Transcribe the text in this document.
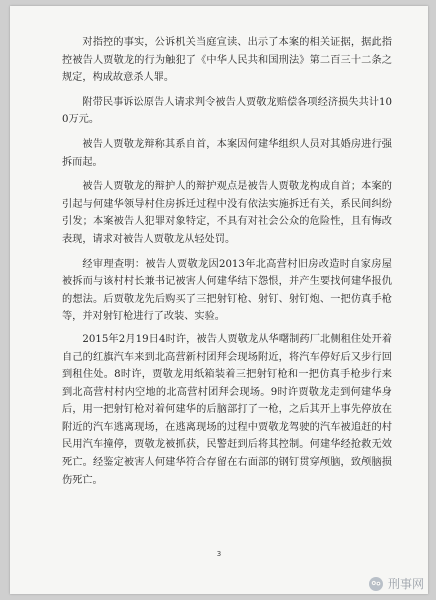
对指控的事实，公诉机关当庭宣读、出示了本案的相关证据，据此指控被告人贾敬龙的行为触犯了《中华人民共和国刑法》第二百三十二条之规定，构成故意杀人罪。

附带民事诉讼原告人请求判令被告人贾敬龙赔偿各项经济损失共计100万元。

被告人贾敬龙辩称其系自首，本案因何建华组织人员对其婚房进行强拆而起。

被告人贾敬龙的辩护人的辩护观点是被告人贾敬龙构成自首；本案的引起与何建华领导村住房拆迁过程中没有依法实施拆迁有关，系民间纠纷引发；本案被告人犯罪对象特定，不具有对社会公众的危险性，且有悔改表现，请求对被告人贾敬龙从轻处罚。

经审理查明：被告人贾敬龙因2013年北高营村旧房改造时自家房屋被拆而与该村村长兼书记被害人何建华结下怨恨，并产生要找何建华报仇的想法。后贾敬龙先后购买了三把射钉枪、射钉、射钉炮、一把仿真手枪等，并对射钉枪进行了改装、实验。

2015年2月19日4时许，被告人贾敬龙从华曙制药厂北侧租住处开着自己的红旗汽车来到北高营新村团拜会现场附近，将汽车停好后又步行回到租住处。8时许，贾敬龙用纸箱装着三把射钉枪和一把仿真手枪步行来到北高营村村内空地的北高营村团拜会现场。9时许贾敬龙走到何建华身后，用一把射钉枪对着何建华的后脑部打了一枪，之后其开上事先停放在附近的汽车逃离现场，在逃离现场的过程中贾敬龙驾驶的汽车被追赶的村民用汽车撞停，贾敬龙被抓获，民警赶到后将其控制。何建华经抢救无效死亡。经鉴定被害人何建华符合存留在右面部的钢钉贯穿颅脑，致颅脑损伤死亡。

3
刑事网
